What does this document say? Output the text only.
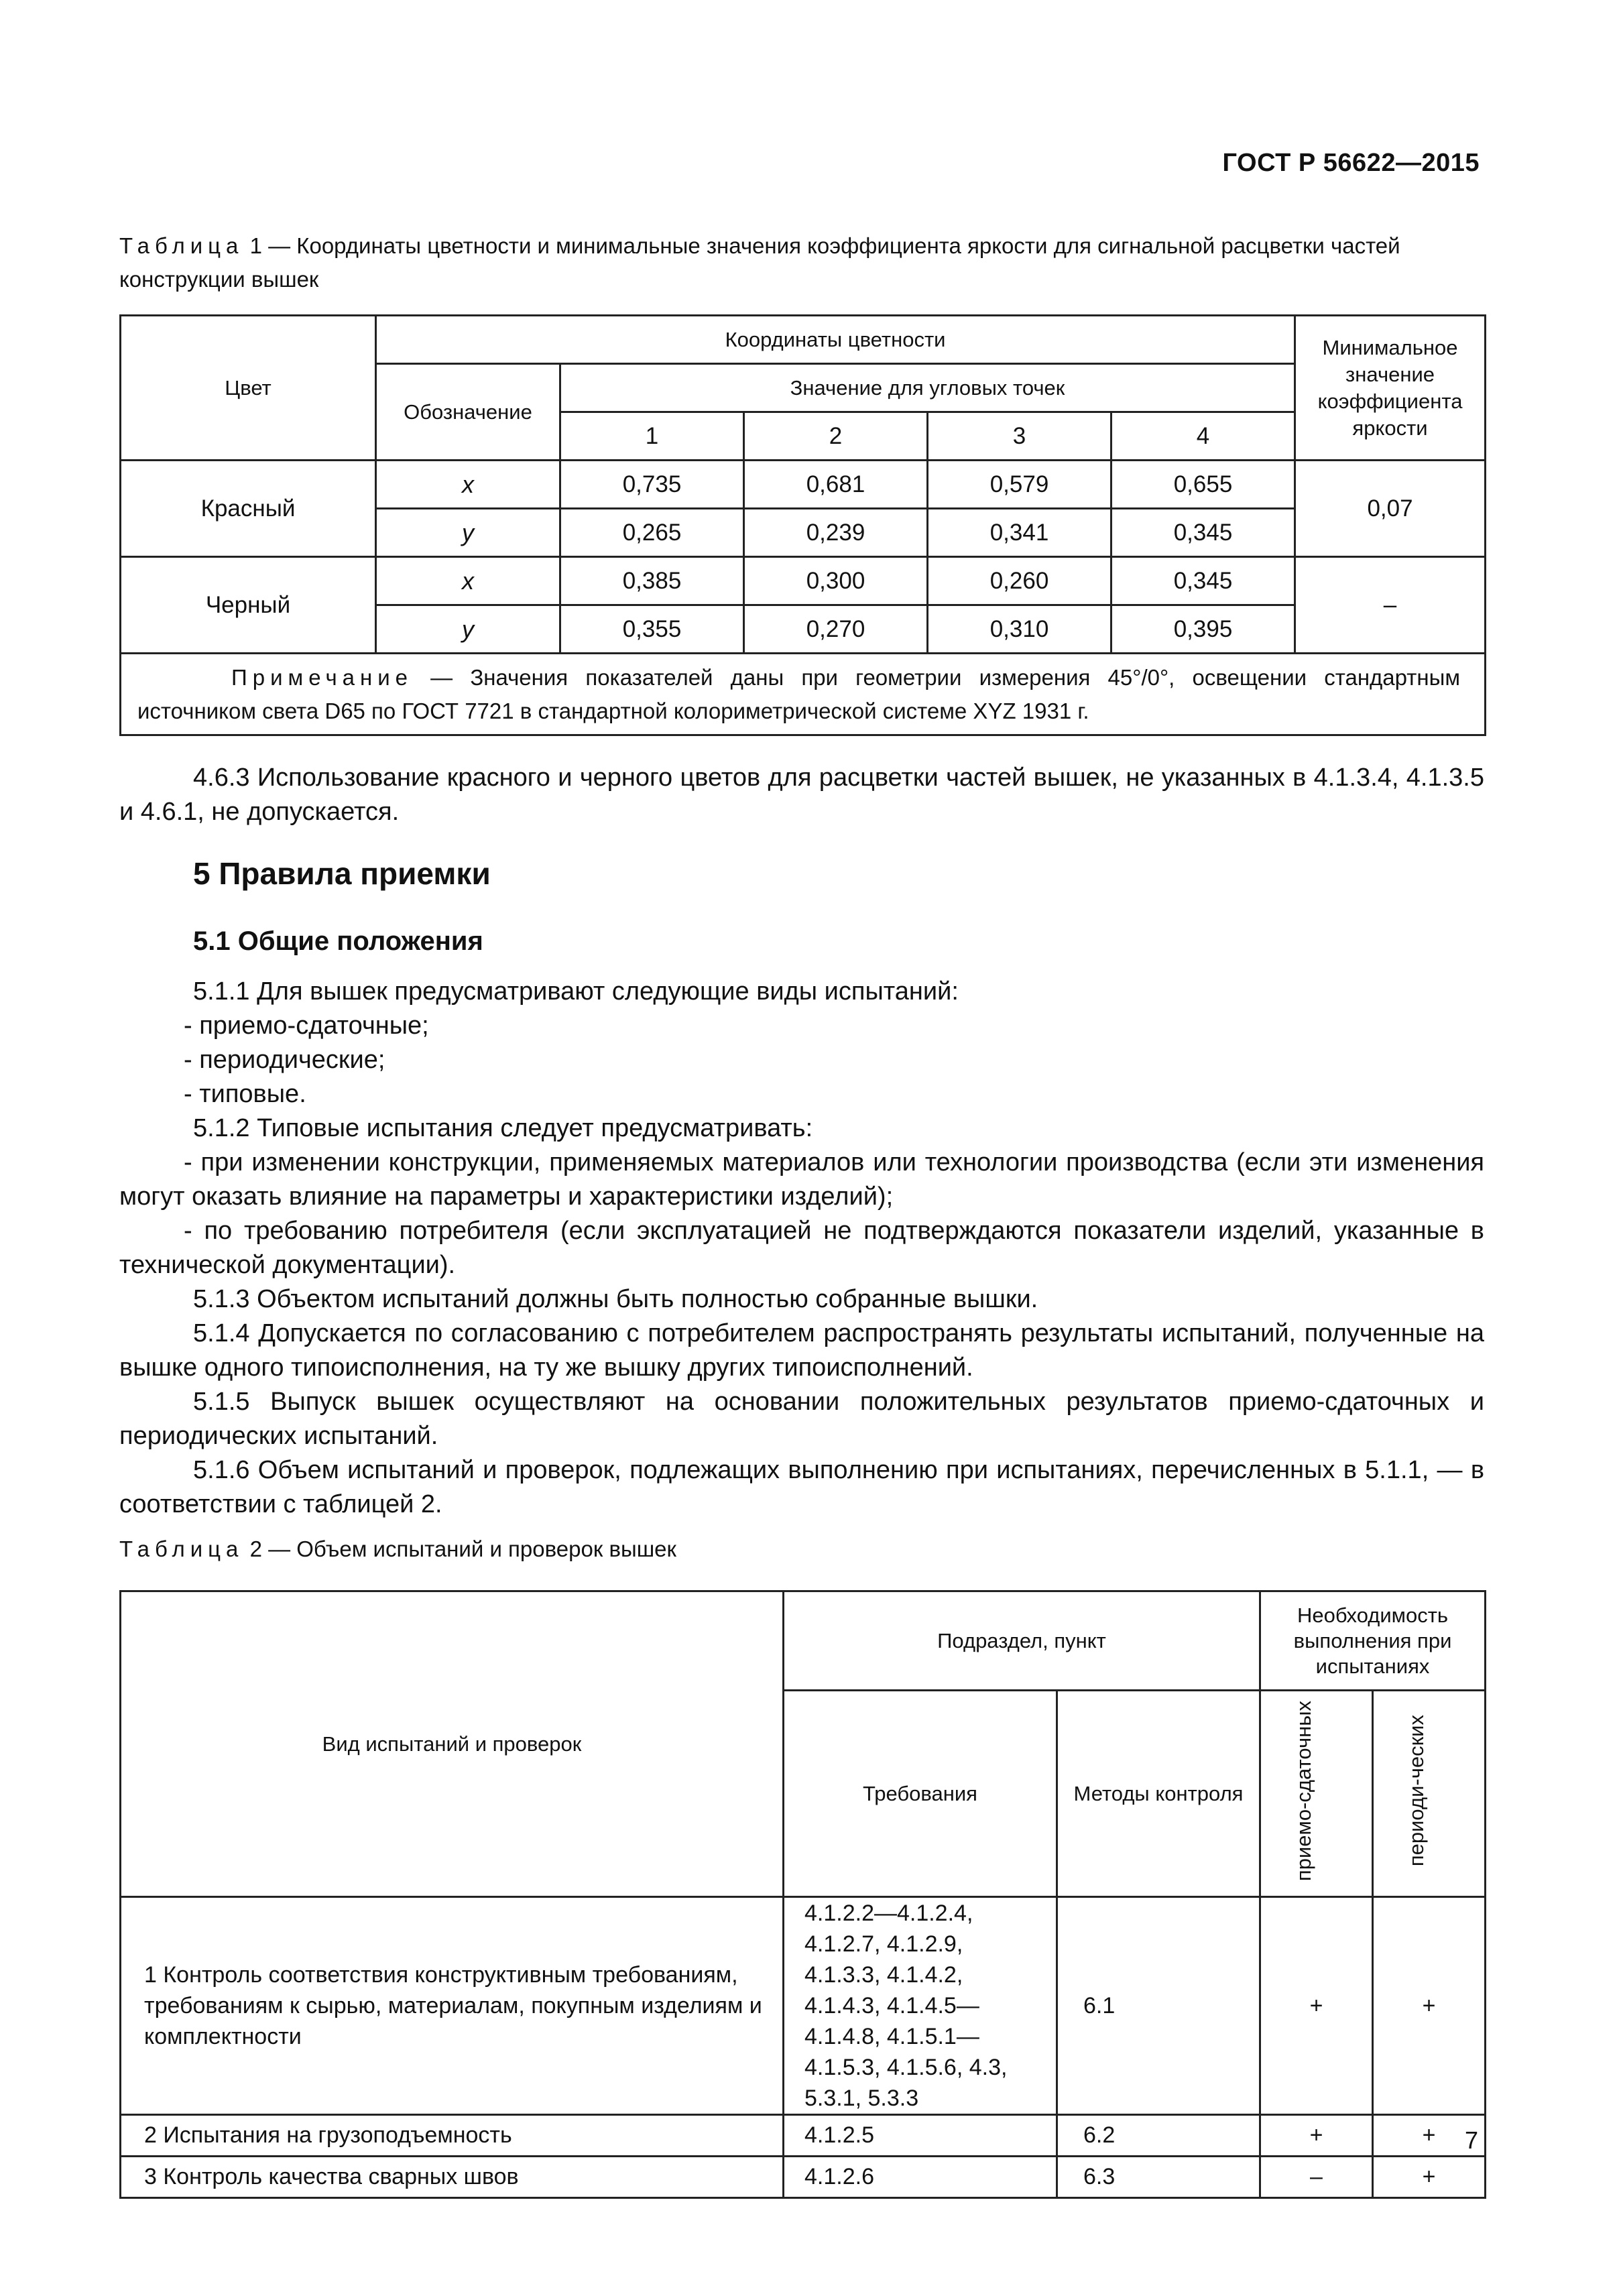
ГОСТ Р 56622—2015
Таблица 1 — Координаты цветности и минимальные значения коэффициента яркости для сигнальной расцветки частей конструкции вышек
Цвет	Координаты цветности					Минимальное значение коэффициента яркости
	Обозначение	Значение для угловых точек				
		1	2	3	4	
Красный	x	0,735	0,681	0,579	0,655	0,07
	y	0,265	0,239	0,341	0,345	
Черный	x	0,385	0,300	0,260	0,345	–
	y	0,355	0,270	0,310	0,395	
Примечание — Значения показателей даны при геометрии измерения 45°/0°, освещении стандартным источником света D65 по ГОСТ 7721 в стандартной колориметрической системе XYZ 1931 г.						

4.6.3 Использование красного и черного цветов для расцветки частей вышек, не указанных в 4.1.3.4, 4.1.3.5 и 4.6.1, не допускается.

5 Правила приемки
5.1 Общие положения

5.1.1 Для вышек предусматривают следующие виды испытаний:

- приемо-сдаточные;

- периодические;

- типовые.

5.1.2 Типовые испытания следует предусматривать:

- при изменении конструкции, применяемых материалов или технологии производства (если эти изменения могут оказать влияние на параметры и характеристики изделий);

- по требованию потребителя (если эксплуатацией не подтверждаются показатели изделий, указанные в технической документации).

5.1.3 Объектом испытаний должны быть полностью собранные вышки.

5.1.4 Допускается по согласованию с потребителем распространять результаты испытаний, полученные на вышке одного типоисполнения, на ту же вышку других типоисполнений.

5.1.5 Выпуск вышек осуществляют на основании положительных результатов приемо-сдаточных и периодических испытаний.

5.1.6 Объем испытаний и проверок, подлежащих выполнению при испытаниях, перечисленных в 5.1.1, — в соответствии с таблицей 2.

Таблица 2 — Объем испытаний и проверок вышек
Вид испытаний и проверок	Подраздел, пункт		Необходимость выполнения при испытаниях	
	Требования	Методы контроля	приемо-сдаточных	периоди-ческих
1 Контроль соответствия конструктивным требованиям, требованиям к сырью, материалам, покупным изделиям и комплектности	4.1.2.2—4.1.2.4, 4.1.2.7, 4.1.2.9, 4.1.3.3, 4.1.4.2, 4.1.4.3, 4.1.4.5—4.1.4.8, 4.1.5.1—4.1.5.3, 4.1.5.6, 4.3, 5.3.1, 5.3.3	6.1	+	+
2 Испытания на грузоподъемность	4.1.2.5	6.2	+	+
3 Контроль качества сварных швов	4.1.2.6	6.3	–	+
7
